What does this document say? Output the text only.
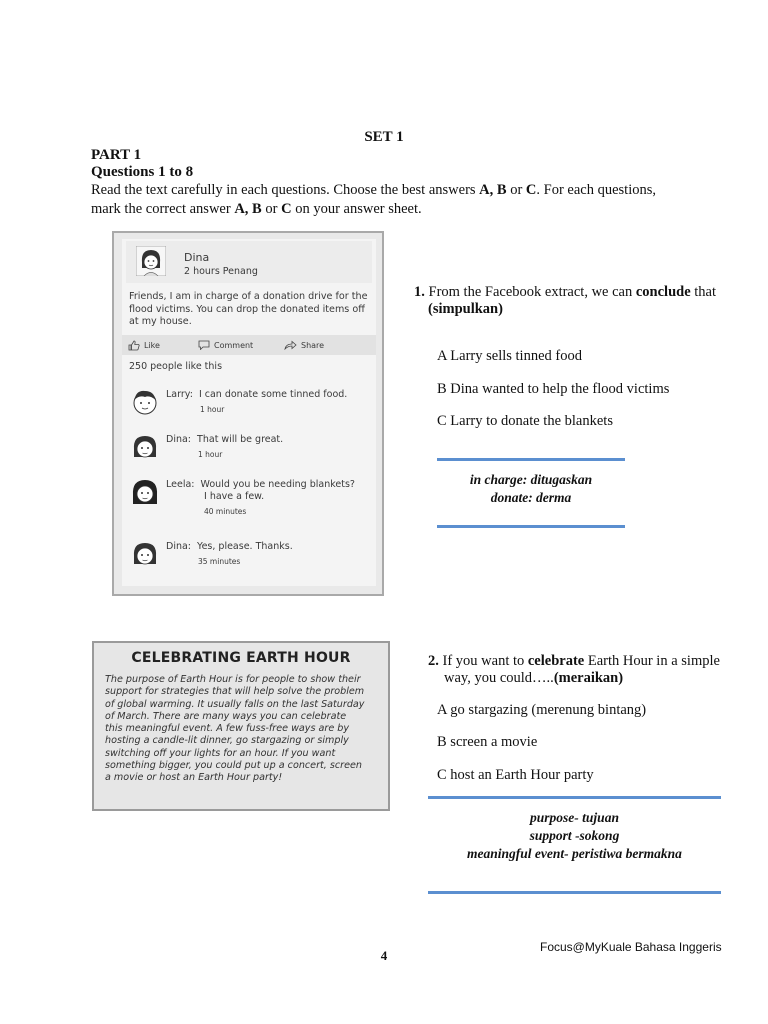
SET 1
PART 1
Questions 1 to 8
Read the text carefully in each questions. Choose the best answers A, B or C. For each questions,
mark the correct answer A, B or C on your answer sheet.
Dina
2 hours Penang
Friends, I am in charge of a donation drive for the flood victims. You can drop the donated items off at my house.
Like	Comment	Share
250 people like this
Larry: I can donate some tinned food.
1 hour
Dina: That will be great.
1 hour
Leela: Would you be needing blankets?
I have a few.
40 minutes
Dina: Yes, please. Thanks.
35 minutes
1. From the Facebook extract, we can conclude that
(simpulkan)
A Larry sells tinned food
B Dina wanted to help the flood victims
C Larry to donate the blankets
in charge: ditugaskan
donate: derma
CELEBRATING EARTH HOUR
The purpose of Earth Hour is for people to show their
support for strategies that will help solve the problem
of global warming. It usually falls on the last Saturday
of March. There are many ways you can celebrate
this meaningful event. A few fuss-free ways are by
hosting a candle-lit dinner, go stargazing or simply
switching off your lights for an hour. If you want
something bigger, you could put up a concert, screen
a movie or host an Earth Hour party!
2. If you want to celebrate Earth Hour in a simple
way, you could…..(meraikan)
A go stargazing (merenung bintang)
B screen a movie
C host an Earth Hour party
purpose- tujuan
support -sokong
meaningful event- peristiwa bermakna
Focus@MyKuale Bahasa Inggeris
4
